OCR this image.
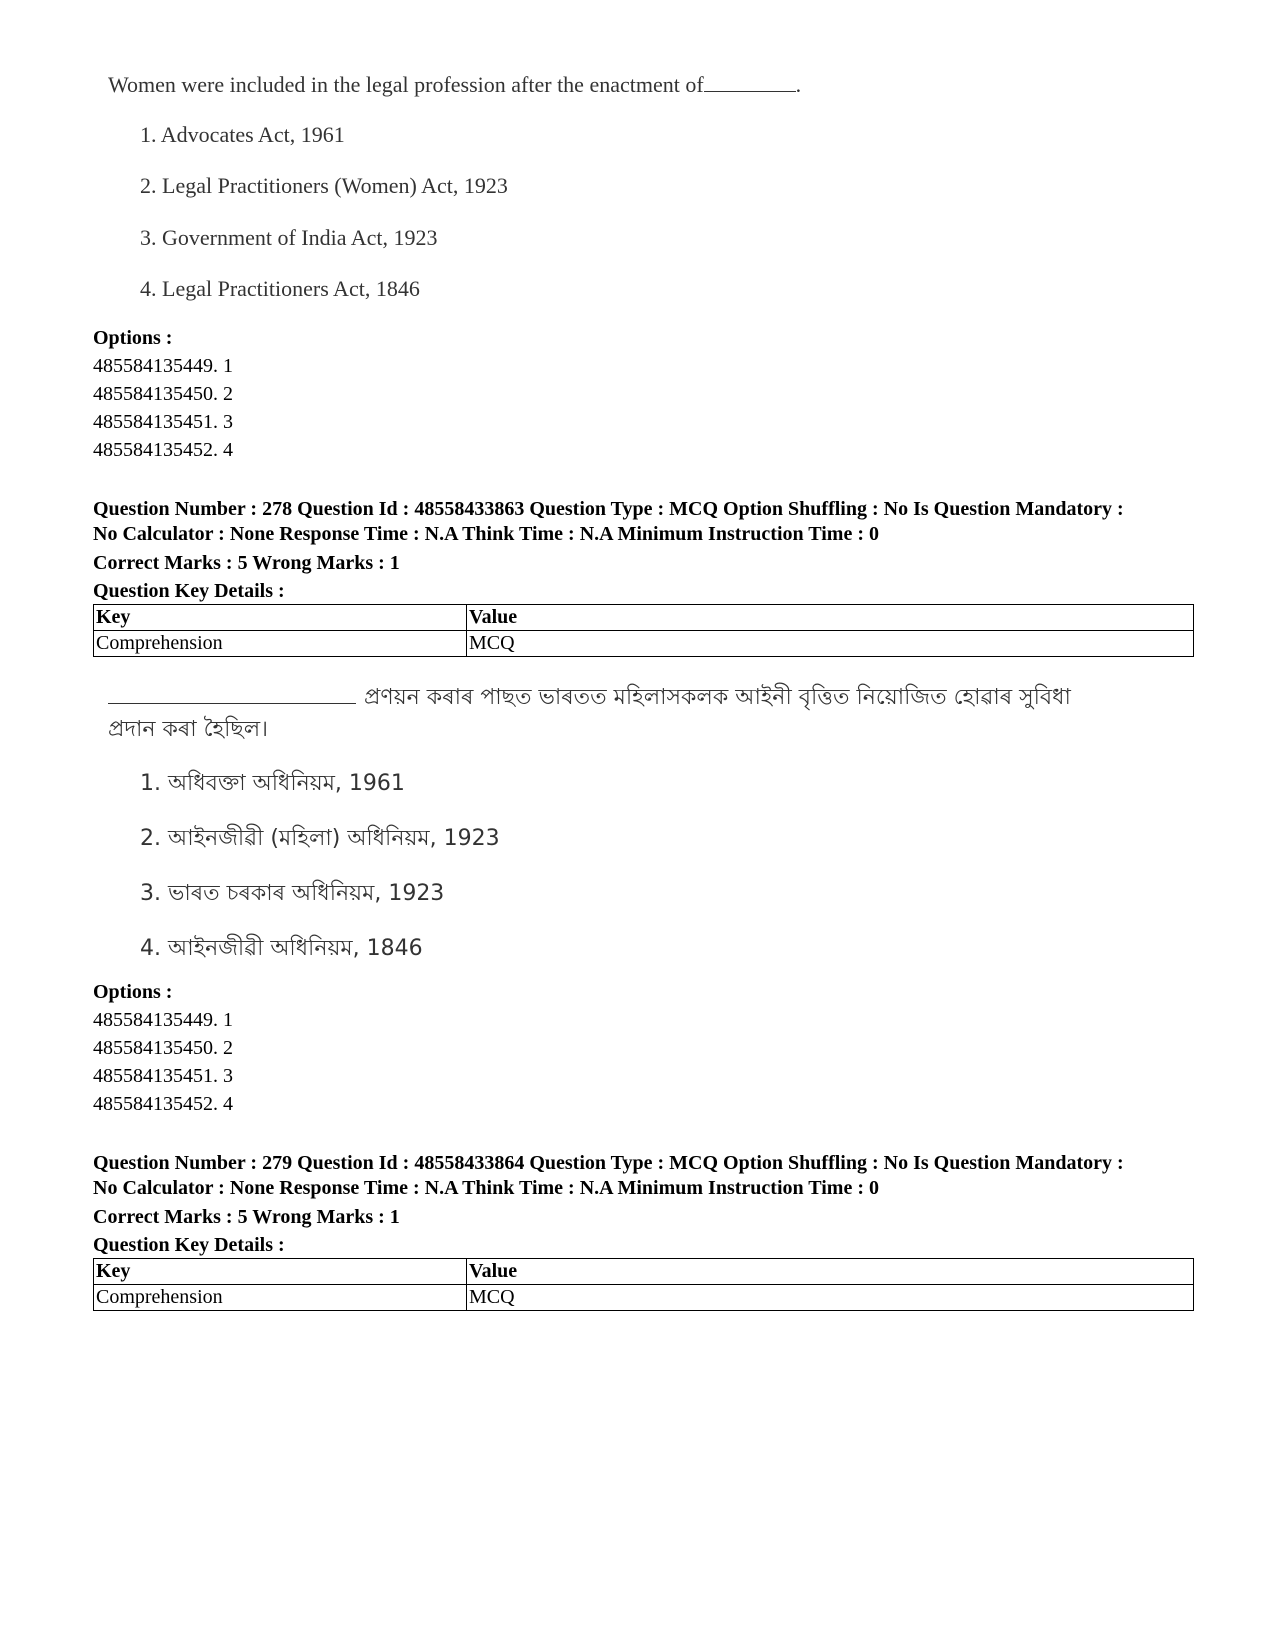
Women were included in the legal profession after the enactment of	.
1. Advocates Act, 1961
2. Legal Practitioners (Women) Act, 1923
3. Government of India Act, 1923
4. Legal Practitioners Act, 1846
Options :
485584135449. 1
485584135450. 2
485584135451. 3
485584135452. 4
Question Number : 278 Question Id : 48558433863 Question Type : MCQ Option Shuffling : No Is Question Mandatory :
No Calculator : None Response Time : N.A Think Time : N.A Minimum Instruction Time : 0
Correct Marks : 5 Wrong Marks : 1
Question Key Details :
Key	Value
Comprehension	MCQ
প্ৰণয়ন কৰাৰ পাছত ভাৰতত মহিলাসকলক আইনী বৃত্তিত নিয়োজিত হোৱাৰ সুবিধা
প্ৰদান কৰা হৈছিল।
1. অধিবক্তা অধিনিয়ম, 1961
2. আইনজীৱী (মহিলা) অধিনিয়ম, 1923
3. ভাৰত চৰকাৰ অধিনিয়ম, 1923
4. আইনজীৱী অধিনিয়ম, 1846
Options :
485584135449. 1
485584135450. 2
485584135451. 3
485584135452. 4
Question Number : 279 Question Id : 48558433864 Question Type : MCQ Option Shuffling : No Is Question Mandatory :
No Calculator : None Response Time : N.A Think Time : N.A Minimum Instruction Time : 0
Correct Marks : 5 Wrong Marks : 1
Question Key Details :
Key	Value
Comprehension	MCQ
